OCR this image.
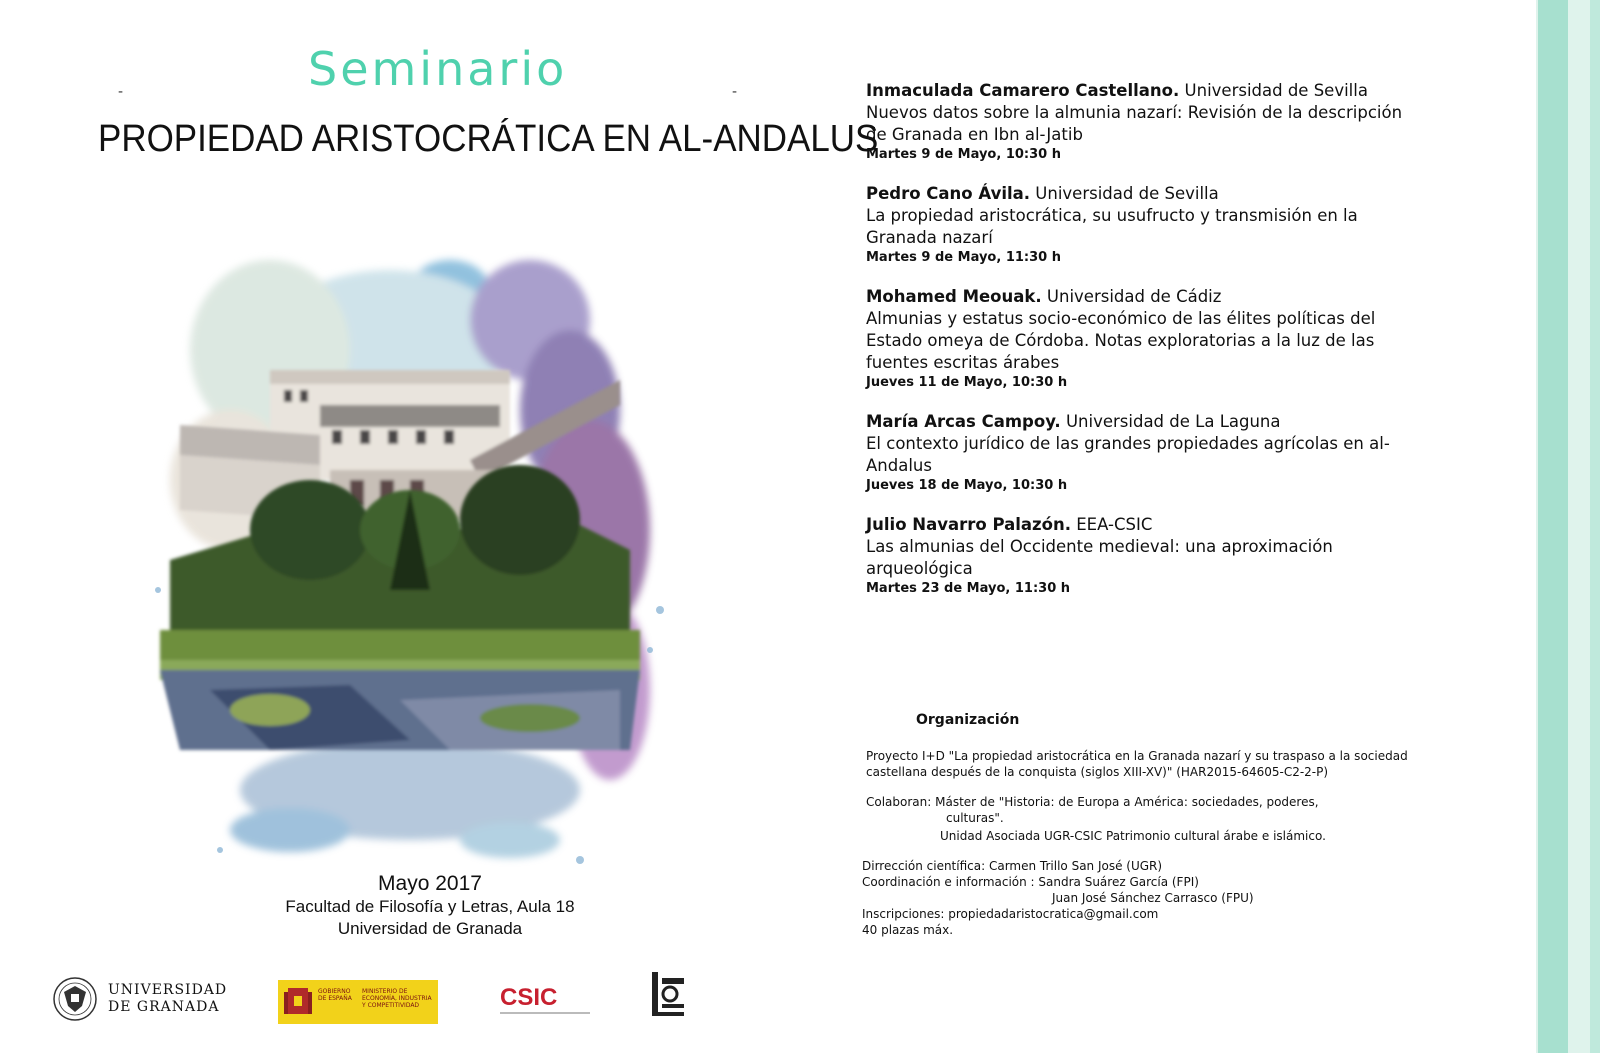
Seminario
-	-
PROPIEDAD ARISTOCRÁTICA EN AL-ANDALUS
Mayo 2017
Facultad de Filosofía y Letras, Aula 18
Universidad de Granada
Inmaculada Camarero Castellano. Universidad de Sevilla
Nuevos datos sobre la almunia nazarí: Revisión de la descripción de Granada en Ibn al-Jatib
Martes 9 de Mayo, 10:30 h
Pedro Cano Ávila. Universidad de Sevilla
La propiedad aristocrática, su usufructo y transmisión en la Granada nazarí
Martes 9 de Mayo, 11:30 h
Mohamed Meouak. Universidad de Cádiz
Almunias y estatus socio-económico de las élites políticas del Estado omeya de Córdoba. Notas exploratorias a la luz de las fuentes escritas árabes
Jueves 11 de Mayo, 10:30 h
María Arcas Campoy. Universidad de La Laguna
El contexto jurídico de las grandes propiedades agrícolas en al-Andalus
Jueves 18 de Mayo, 10:30 h
Julio Navarro Palazón. EEA-CSIC
Las almunias del Occidente medieval: una aproximación arqueológica
Martes 23 de Mayo, 11:30 h
Organización
Proyecto I+D "La propiedad aristocrática en la Granada nazarí y su traspaso a la sociedad castellana después de la conquista (siglos XIII-XV)" (HAR2015-64605-C2-2-P)
Colaboran: Máster de "Historia: de Europa a América: sociedades, poderes,
culturas".
Unidad Asociada UGR-CSIC Patrimonio cultural árabe e islámico.
Dirrección científica: Carmen Trillo San José (UGR)
Coordinación e información : Sandra Suárez García (FPI)
Juan José Sánchez Carrasco (FPU)
Inscripciones: propiedadaristocratica@gmail.com
40 plazas máx.
UNIVERSIDAD
DE GRANADA
GOBIERNO DE ESPAÑA
MINISTERIO DE ECONOMÍA, INDUSTRIA Y COMPETITIVIDAD	CSIC
